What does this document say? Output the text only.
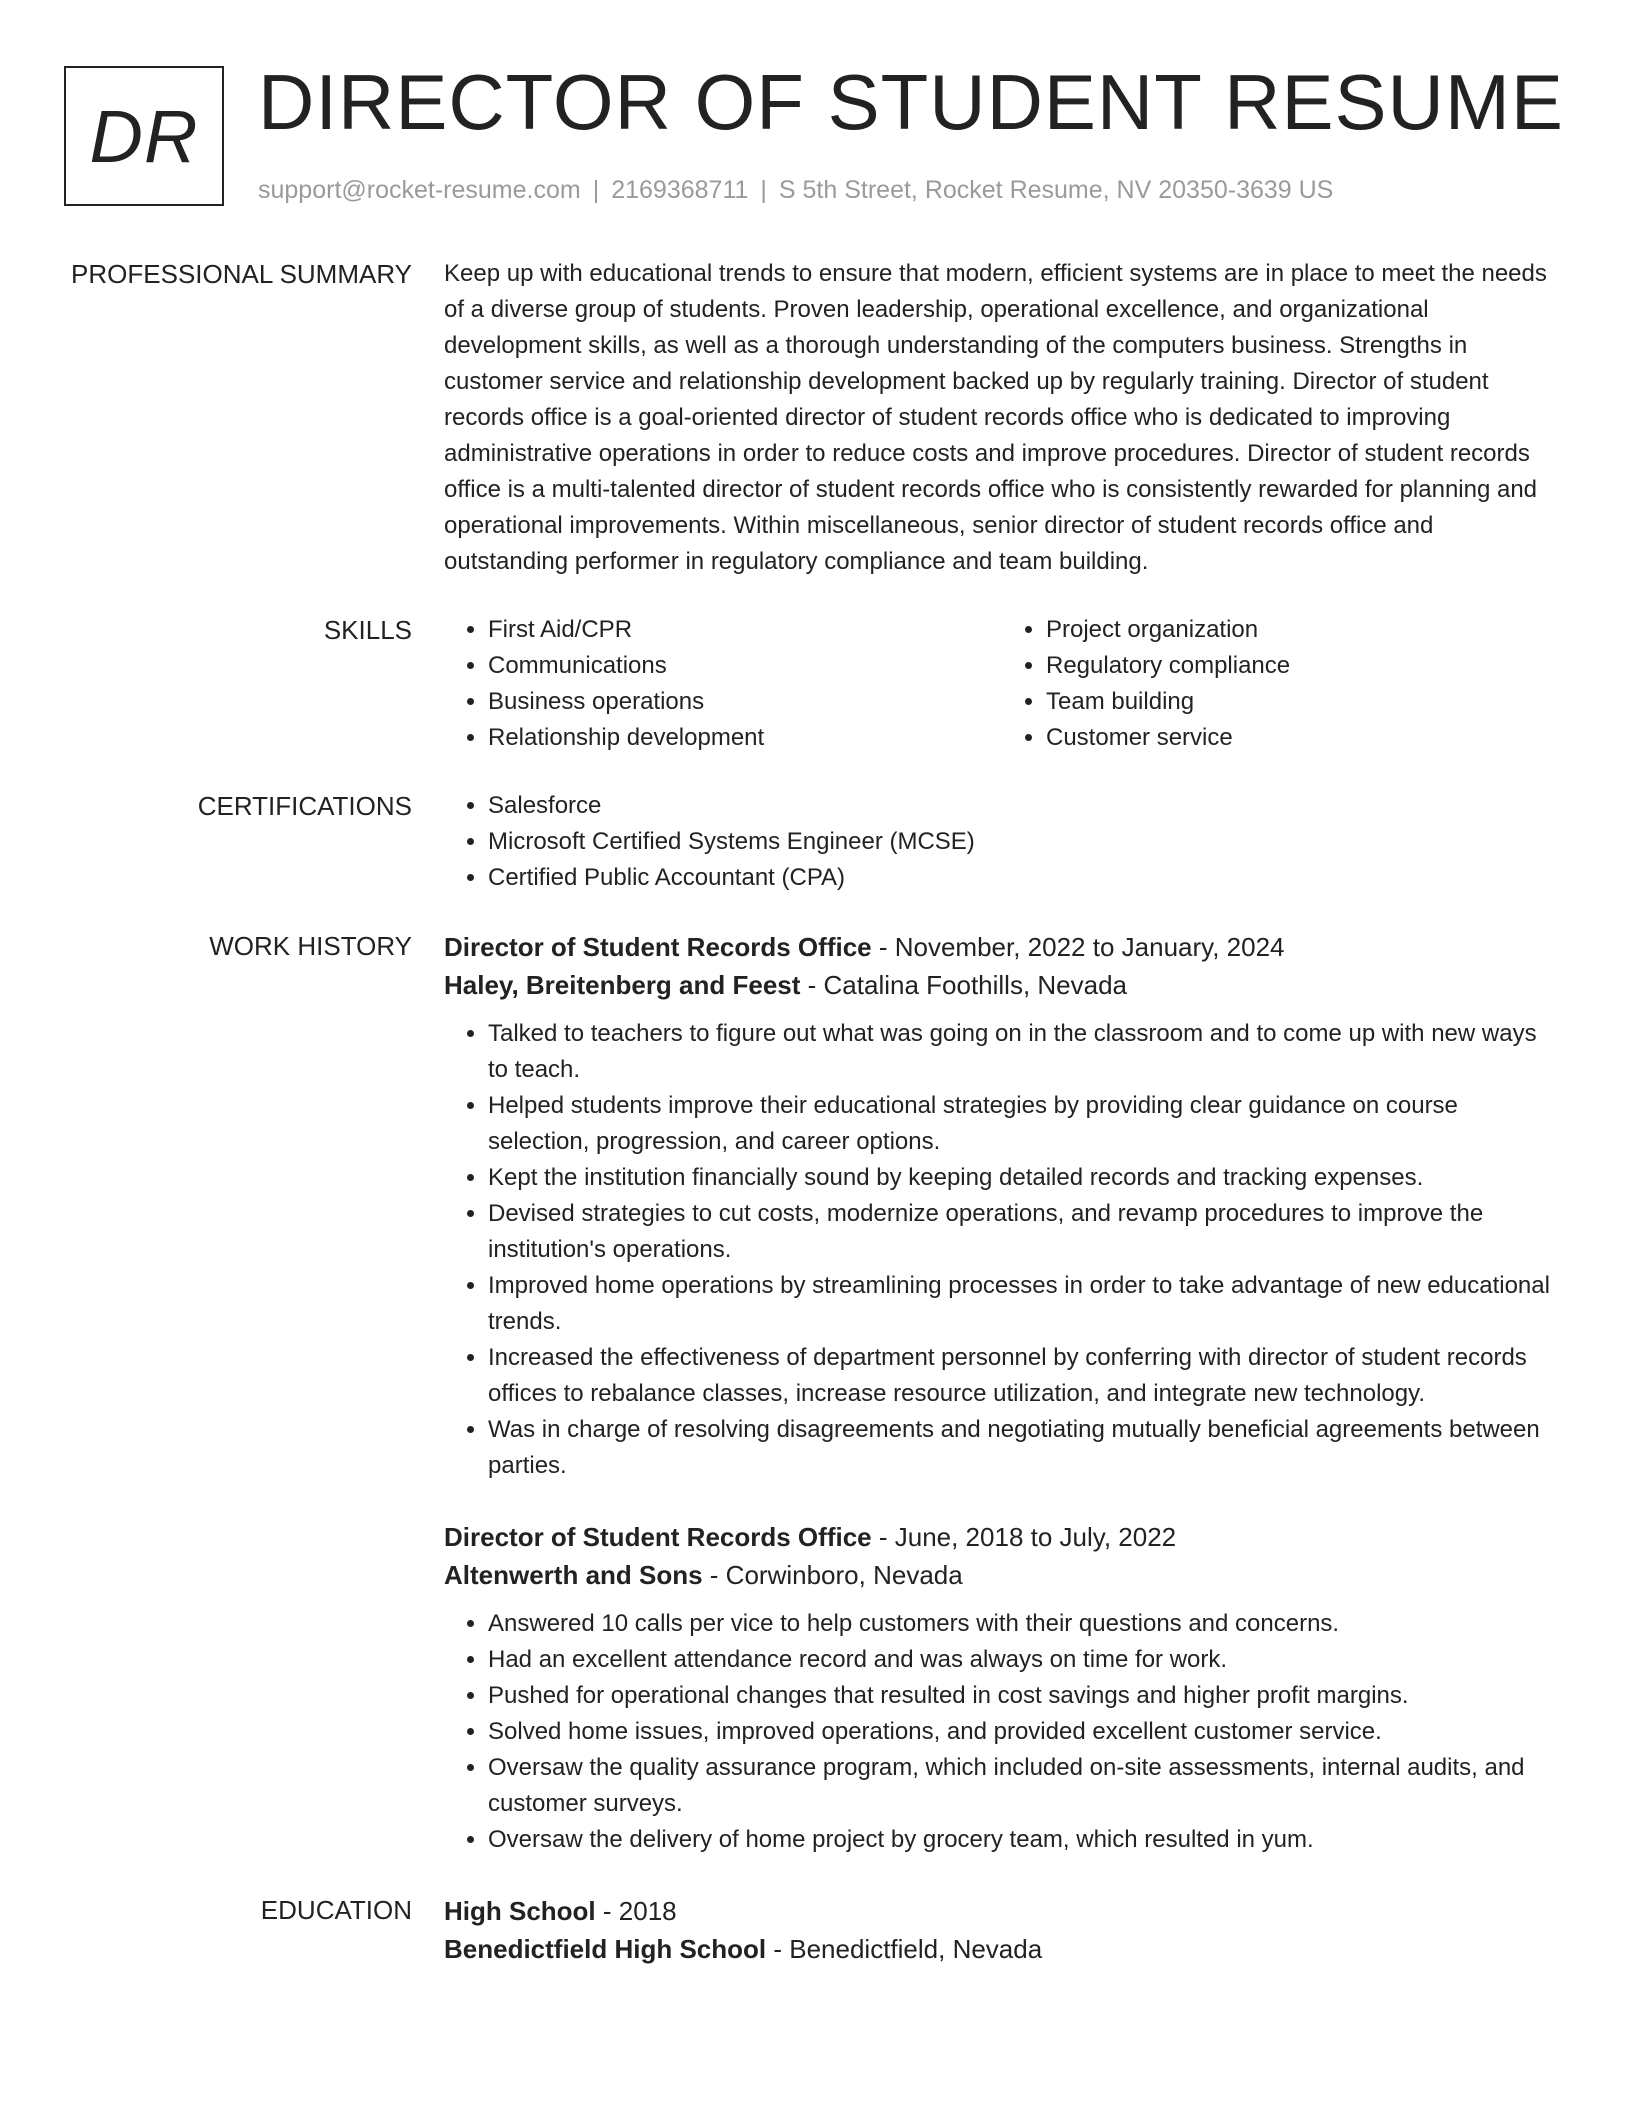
DR DIRECTOR OF STUDENT RESUME
support@rocket-resume.com | 2169368711 | S 5th Street, Rocket Resume, NV 20350-3639 US
PROFESSIONAL SUMMARY Keep up with educational trends to ensure that modern, efficient systems are in place to meet the needs of a diverse group of students. Proven leadership, operational excellence, and organizational development skills, as well as a thorough understanding of the computers business. Strengths in customer service and relationship development backed up by regularly training. Director of student records office is a goal-oriented director of student records office who is dedicated to improving administrative operations in order to reduce costs and improve procedures. Director of student records office is a multi-talented director of student records office who is consistently rewarded for planning and operational improvements. Within miscellaneous, senior director of student records office and outstanding performer in regulatory compliance and team building.

SKILLS	• First Aid/CPR
• Communications
• Business operations
• Relationship development
• Project organization
• Regulatory compliance
• Team building
• Customer service
CERTIFICATIONS	• Salesforce
• Microsoft Certified Systems Engineer (MCSE)
• Certified Public Accountant (CPA)
WORK HISTORY Director of Student Records Office - November, 2022 to January, 2024
Haley, Breitenberg and Feest - Catalina Foothills, Nevada
• Talked to teachers to figure out what was going on in the classroom and to come up with new ways to teach.
• Helped students improve their educational strategies by providing clear guidance on course selection, progression, and career options.
• Kept the institution financially sound by keeping detailed records and tracking expenses.
• Devised strategies to cut costs, modernize operations, and revamp procedures to improve the institution's operations.
• Improved home operations by streamlining processes in order to take advantage of new educational trends.
• Increased the effectiveness of department personnel by conferring with director of student records offices to rebalance classes, increase resource utilization, and integrate new technology.
• Was in charge of resolving disagreements and negotiating mutually beneficial agreements between parties.
Director of Student Records Office - June, 2018 to July, 2022
Altenwerth and Sons - Corwinboro, Nevada
• Answered 10 calls per vice to help customers with their questions and concerns.
• Had an excellent attendance record and was always on time for work.
• Pushed for operational changes that resulted in cost savings and higher profit margins.
• Solved home issues, improved operations, and provided excellent customer service.
• Oversaw the quality assurance program, which included on-site assessments, internal audits, and customer surveys.
• Oversaw the delivery of home project by grocery team, which resulted in yum.
EDUCATION High School - 2018
Benedictfield High School - Benedictfield, Nevada
